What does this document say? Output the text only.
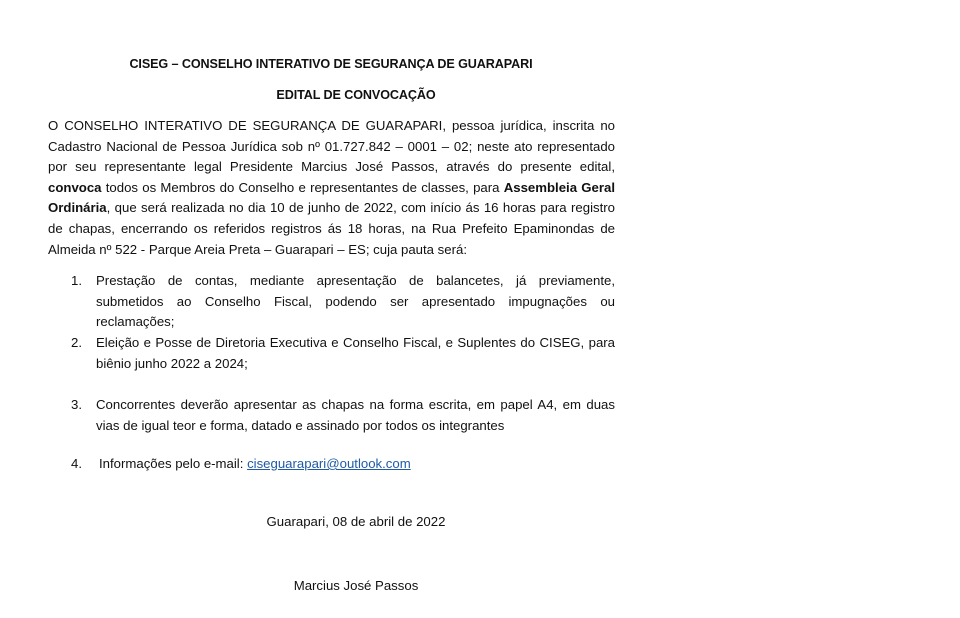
CISEG – CONSELHO INTERATIVO DE SEGURANÇA DE GUARAPARI
EDITAL DE CONVOCAÇÃO
O CONSELHO INTERATIVO DE SEGURANÇA DE GUARAPARI, pessoa jurídica, inscrita no Cadastro Nacional de Pessoa Jurídica sob nº 01.727.842 – 0001 – 02; neste ato representado por seu representante legal Presidente Marcius José Passos, através do presente edital, convoca todos os Membros do Conselho e representantes de classes, para Assembleia Geral Ordinária, que será realizada no dia 10 de junho de 2022, com início ás 16 horas para registro de chapas, encerrando os referidos registros ás 18 horas, na Rua Prefeito Epaminondas de Almeida nº 522 - Parque Areia Preta – Guarapari – ES; cuja pauta será:
1. Prestação de contas, mediante apresentação de balancetes, já previamente, submetidos ao Conselho Fiscal, podendo ser apresentado impugnações ou reclamações;
2. Eleição e Posse de Diretoria Executiva e Conselho Fiscal, e Suplentes do CISEG, para biênio junho 2022 a 2024;
3. Concorrentes deverão apresentar as chapas na forma escrita, em papel A4, em duas vias de igual teor e forma, datado e assinado por todos os integrantes
4. Informações pelo e-mail: ciseguarapari@outlook.com
Guarapari, 08 de abril de 2022
Marcius José Passos
